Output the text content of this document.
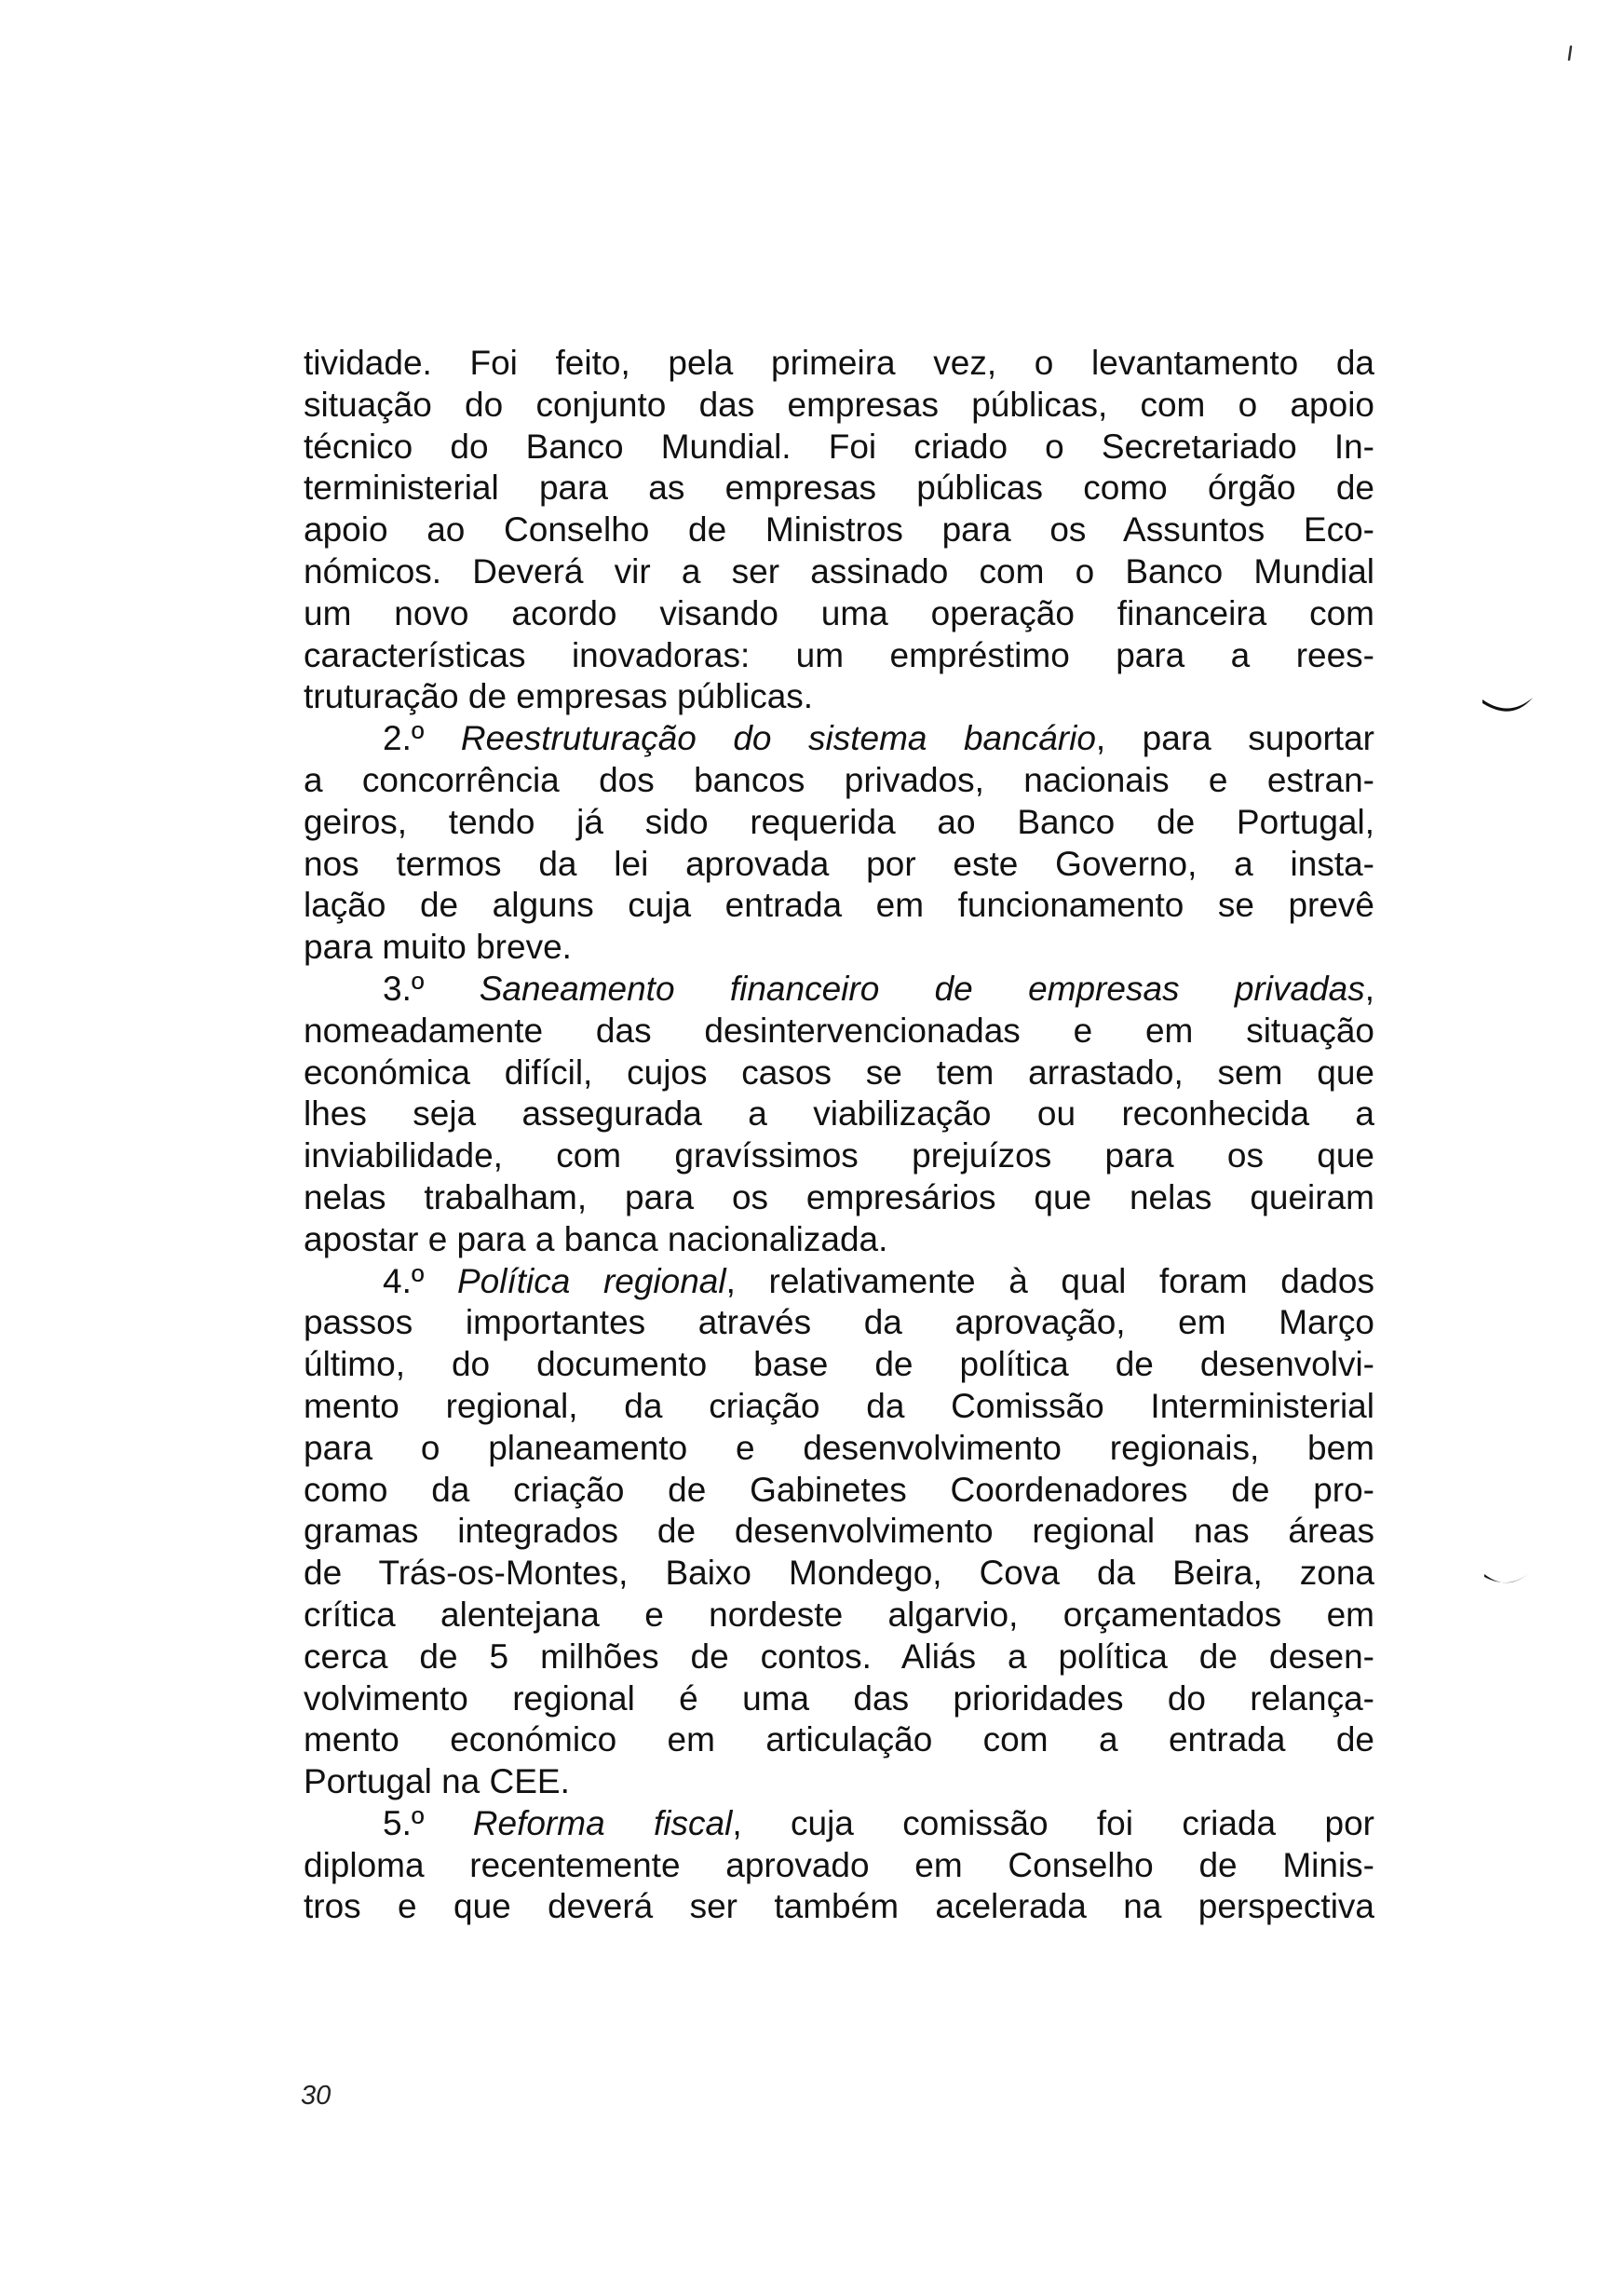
tividade. Foi feito, pela primeira vez, o levantamento da
situação do conjunto das empresas públicas, com o apoio
técnico do Banco Mundial. Foi criado o Secretariado In-
terministerial para as empresas públicas como órgão de
apoio ao Conselho de Ministros para os Assuntos Eco-
nómicos. Deverá vir a ser assinado com o Banco Mundial
um novo acordo visando uma operação financeira com
características inovadoras: um empréstimo para a rees-
truturação de empresas públicas.
2.º Reestruturação do sistema bancário, para suportar
a concorrência dos bancos privados, nacionais e estran-
geiros, tendo já sido requerida ao Banco de Portugal,
nos termos da lei aprovada por este Governo, a insta-
lação de alguns cuja entrada em funcionamento se prevê
para muito breve.
3.º Saneamento financeiro de empresas privadas,
nomeadamente das desintervencionadas e em situação
económica difícil, cujos casos se tem arrastado, sem que
lhes seja assegurada a viabilização ou reconhecida a
inviabilidade, com gravíssimos prejuízos para os que
nelas trabalham, para os empresários que nelas queiram
apostar e para a banca nacionalizada.
4.º Política regional, relativamente à qual foram dados
passos importantes através da aprovação, em Março
último, do documento base de política de desenvolvi-
mento regional, da criação da Comissão Interministerial
para o planeamento e desenvolvimento regionais, bem
como da criação de Gabinetes Coordenadores de pro-
gramas integrados de desenvolvimento regional nas áreas
de Trás-os-Montes, Baixo Mondego, Cova da Beira, zona
crítica alentejana e nordeste algarvio, orçamentados em
cerca de 5 milhões de contos. Aliás a política de desen-
volvimento regional é uma das prioridades do relança-
mento económico em articulação com a entrada de
Portugal na CEE.
5.º Reforma fiscal, cuja comissão foi criada por
diploma recentemente aprovado em Conselho de Minis-
tros e que deverá ser também acelerada na perspectiva
30
